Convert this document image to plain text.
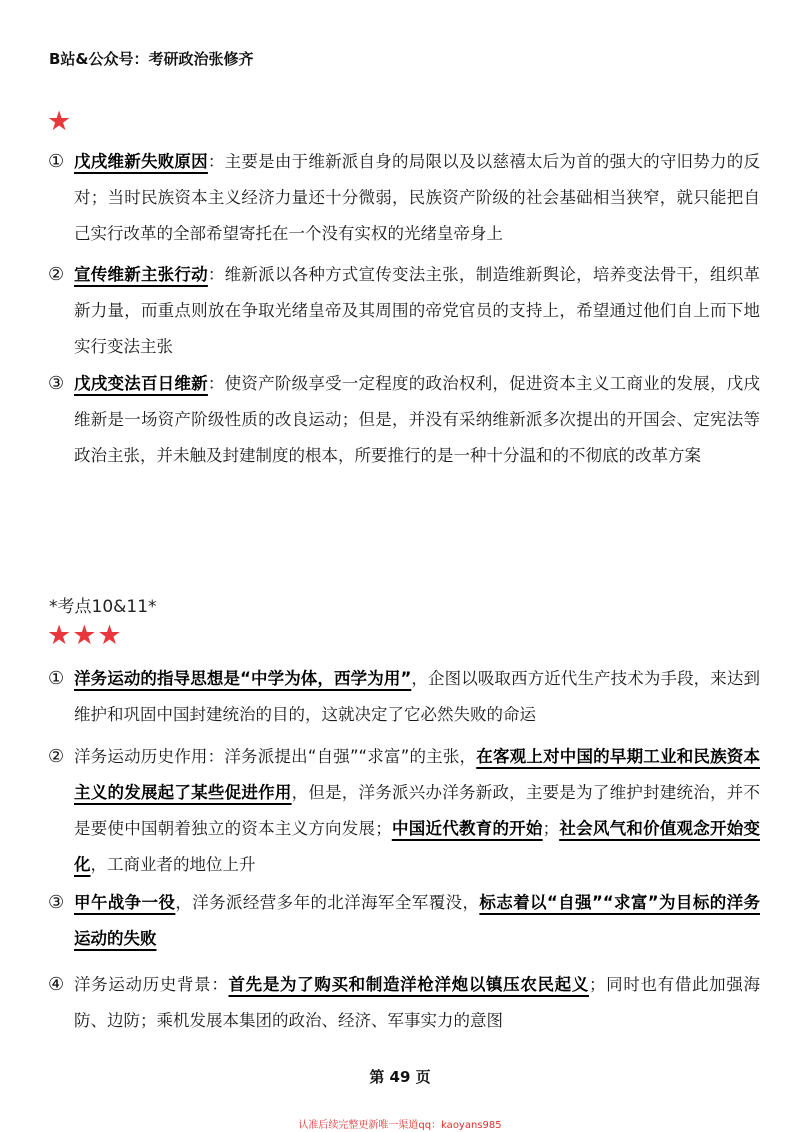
B站&公众号：考研政治张修齐
★
① 戊戌维新失败原因：主要是由于维新派自身的局限以及以慈禧太后为首的强大的守旧势力的反对；当时民族资本主义经济力量还十分微弱，民族资产阶级的社会基础相当狭窄，就只能把自己实行改革的全部希望寄托在一个没有实权的光绪皇帝身上
② 宣传维新主张行动：维新派以各种方式宣传变法主张，制造维新舆论，培养变法骨干，组织革新力量，而重点则放在争取光绪皇帝及其周围的帝党官员的支持上，希望通过他们自上而下地实行变法主张
③ 戊戌变法百日维新：使资产阶级享受一定程度的政治权利，促进资本主义工商业的发展，戊戌维新是一场资产阶级性质的改良运动；但是，并没有采纳维新派多次提出的开国会、定宪法等政治主张，并未触及封建制度的根本，所要推行的是一种十分温和的不彻底的改革方案
*考点10&11*
★★★
① 洋务运动的指导思想是“中学为体，西学为用”，企图以吸取西方近代生产技术为手段，来达到维护和巩固中国封建统治的目的，这就决定了它必然失败的命运
② 洋务运动历史作用：洋务派提出“自强”“求富”的主张，在客观上对中国的早期工业和民族资本主义的发展起了某些促进作用，但是，洋务派兴办洋务新政，主要是为了维护封建统治，并不是要使中国朝着独立的资本主义方向发展；中国近代教育的开始；社会风气和价值观念开始变化，工商业者的地位上升
③ 甲午战争一役，洋务派经营多年的北洋海军全军覆没，标志着以“自强”“求富”为目标的洋务运动的失败
④ 洋务运动历史背景：首先是为了购买和制造洋枪洋炮以镇压农民起义；同时也有借此加强海防、边防；乘机发展本集团的政治、经济、军事实力的意图
第 49 页
认准后续完整更新唯一渠道qq：kaoyans985
